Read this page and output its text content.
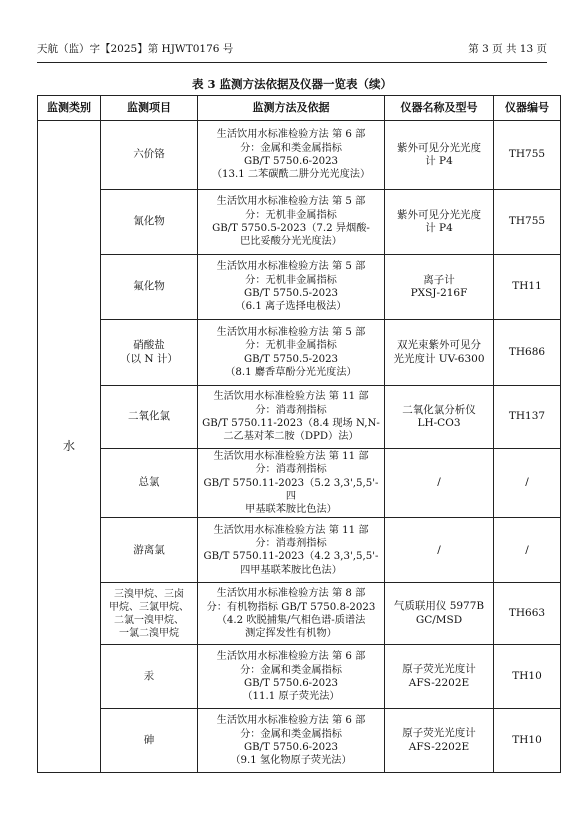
天航（监）字【2025】第 HJWT0176 号	第 3 页 共 13 页
表 3 监测方法依据及仪器一览表（续）
监测类别	监测项目	监测方法及依据	仪器名称及型号	仪器编号
水	六价铬	生活饮用水标准检验方法 第 6 部
分：金属和类金属指标
GB/T 5750.6-2023
（13.1 二苯碳酰二肼分光光度法）	紫外可见分光光度
计 P4	TH755
	氰化物	生活饮用水标准检验方法 第 5 部
分：无机非金属指标
GB/T 5750.5-2023（7.2 异烟酸-
巴比妥酸分光光度法）	紫外可见分光光度
计 P4	TH755
	氟化物	生活饮用水标准检验方法 第 5 部
分：无机非金属指标
GB/T 5750.5-2023
（6.1 离子选择电极法）	离子计
PXSJ-216F	TH11
	硝酸盐
（以 N 计）	生活饮用水标准检验方法 第 5 部
分：无机非金属指标
GB/T 5750.5-2023
（8.1 麝香草酚分光光度法）	双光束紫外可见分
光光度计 UV-6300	TH686
	二氧化氯	生活饮用水标准检验方法 第 11 部
分：消毒剂指标
GB/T 5750.11-2023（8.4 现场 N,N-
二乙基对苯二胺（DPD）法）	二氧化氯分析仪
LH-CO3	TH137
	总氯	生活饮用水标准检验方法 第 11 部
分：消毒剂指标
GB/T 5750.11-2023（5.2 3,3',5,5'-四
甲基联苯胺比色法）	/	/
	游离氯	生活饮用水标准检验方法 第 11 部
分：消毒剂指标
GB/T 5750.11-2023（4.2 3,3',5,5'-
四甲基联苯胺比色法）	/	/
	三溴甲烷、三卤
甲烷、三氯甲烷、
二氯一溴甲烷、
一氯二溴甲烷	生活饮用水标准检验方法 第 8 部
分：有机物指标 GB/T 5750.8-2023
（4.2 吹脱捕集/气相色谱-质谱法
测定挥发性有机物）	气质联用仪 5977B
GC/MSD	TH663
	汞	生活饮用水标准检验方法 第 6 部
分：金属和类金属指标
GB/T 5750.6-2023
（11.1 原子荧光法）	原子荧光光度计
AFS-2202E	TH10
	砷	生活饮用水标准检验方法 第 6 部
分：金属和类金属指标
GB/T 5750.6-2023
（9.1 氢化物原子荧光法）	原子荧光光度计
AFS-2202E	TH10
